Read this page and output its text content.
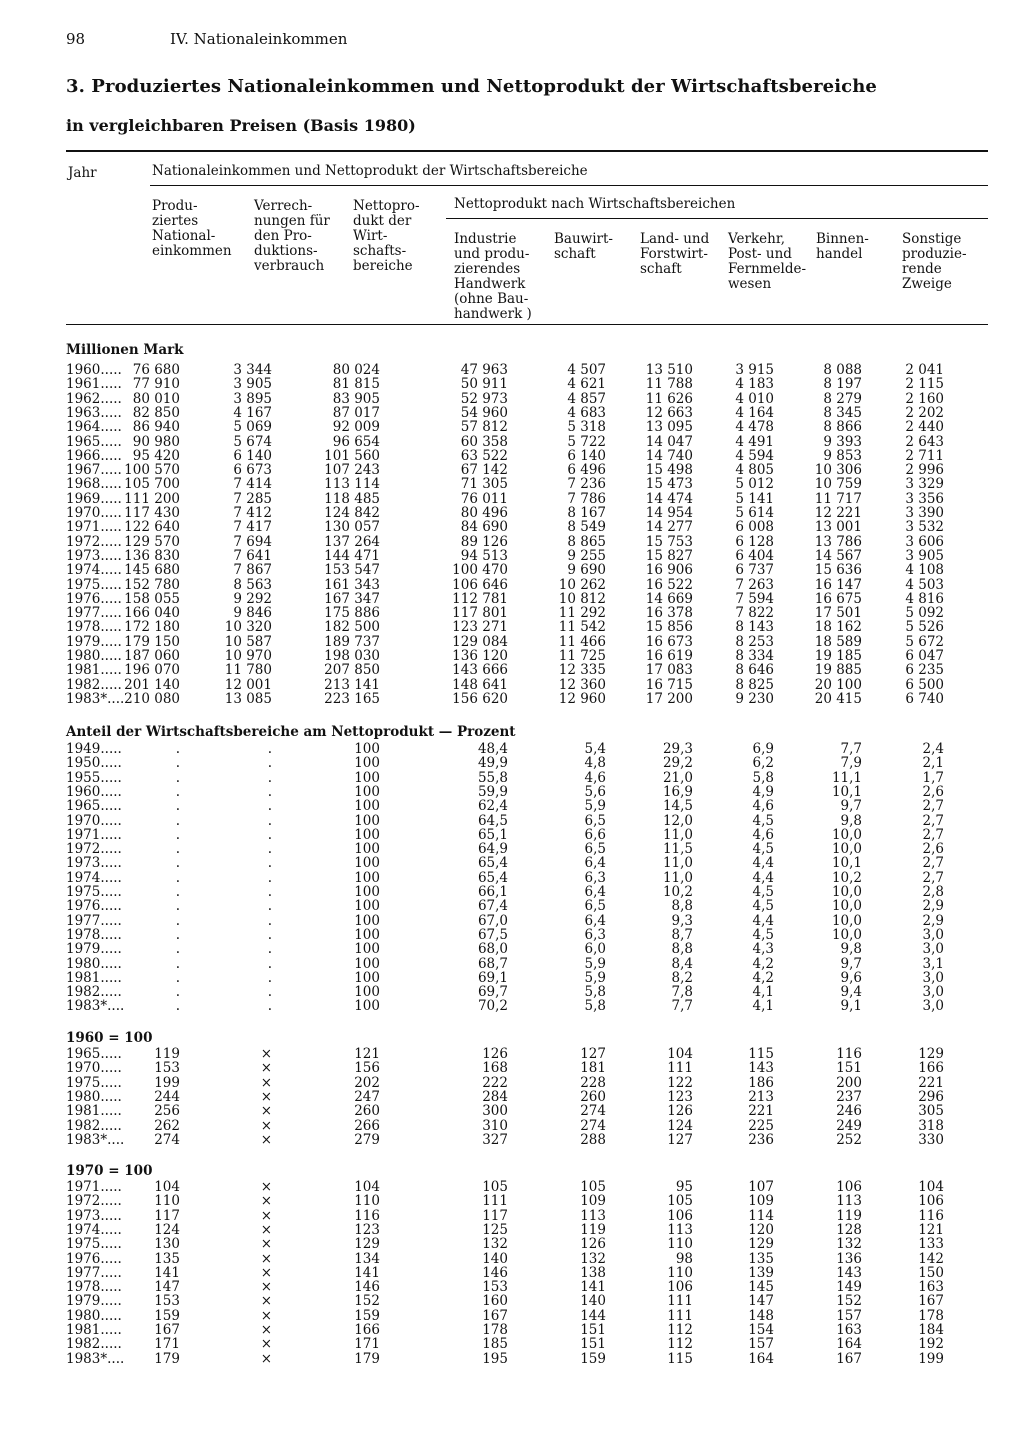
98	IV. Nationaleinkommen
3. Produziertes Nationaleinkommen und Nettoprodukt der Wirtschaftsbereiche
in vergleichbaren Preisen (Basis 1980)
Jahr	Nationaleinkommen und Nettoprodukt der Wirtschaftsbereiche
Nettoprodukt nach Wirtschaftsbereichen
Produ-
ziertes
National-
einkommen
Verrech-
nungen für
den Pro-
duktions-
verbrauch
Nettopro-
dukt der
Wirt-
schafts-
bereiche
Industrie
und produ-
zierendes
Handwerk
(ohne Bau-
handwerk )
Bauwirt-
schaft
Land- und
Forstwirt-
schaft
Verkehr,
Post- und
Fernmelde-
wesen
Binnen-
handel
Sonstige
produzie-
rende
Zweige
Millionen Mark
1960..... 76 680	3 344	80 024	47 963	4 507	13 510	3 915	8 088	2 041
1961..... 77 910	3 905	81 815	50 911	4 621	11 788	4 183	8 197	2 115
1962..... 80 010	3 895	83 905	52 973	4 857	11 626	4 010	8 279	2 160
1963..... 82 850	4 167	87 017	54 960	4 683	12 663	4 164	8 345	2 202
1964..... 86 940	5 069	92 009	57 812	5 318	13 095	4 478	8 866	2 440
1965..... 90 980	5 674	96 654	60 358	5 722	14 047	4 491	9 393	2 643
1966..... 95 420	6 140	101 560	63 522	6 140	14 740	4 594	9 853	2 711
1967..... 100 570	6 673	107 243	67 142	6 496	15 498	4 805	10 306	2 996
1968..... 105 700	7 414	113 114	71 305	7 236	15 473	5 012	10 759	3 329
1969..... 111 200	7 285	118 485	76 011	7 786	14 474	5 141	11 717	3 356
1970..... 117 430	7 412	124 842	80 496	8 167	14 954	5 614	12 221	3 390
1971..... 122 640	7 417	130 057	84 690	8 549	14 277	6 008	13 001	3 532
1972..... 129 570	7 694	137 264	89 126	8 865	15 753	6 128	13 786	3 606
1973..... 136 830	7 641	144 471	94 513	9 255	15 827	6 404	14 567	3 905
1974..... 145 680	7 867	153 547	100 470	9 690	16 906	6 737	15 636	4 108
1975..... 152 780	8 563	161 343	106 646	10 262	16 522	7 263	16 147	4 503
1976..... 158 055	9 292	167 347	112 781	10 812	14 669	7 594	16 675	4 816
1977..... 166 040	9 846	175 886	117 801	11 292	16 378	7 822	17 501	5 092
1978..... 172 180	10 320	182 500	123 271	11 542	15 856	8 143	18 162	5 526
1979..... 179 150	10 587	189 737	129 084	11 466	16 673	8 253	18 589	5 672
1980..... 187 060	10 970	198 030	136 120	11 725	16 619	8 334	19 185	6 047
1981..... 196 070	11 780	207 850	143 666	12 335	17 083	8 646	19 885	6 235
1982..... 201 140	12 001	213 141	148 641	12 360	16 715	8 825	20 100	6 500
1983*.... 210 080	13 085	223 165	156 620	12 960	17 200	9 230	20 415	6 740
Anteil der Wirtschaftsbereiche am Nettoprodukt — Prozent
1949.....	.	.	100	48,4	5,4	29,3	6,9	7,7	2,4
1950.....	.	.	100	49,9	4,8	29,2	6,2	7,9	2,1
1955.....	.	.	100	55,8	4,6	21,0	5,8	11,1	1,7
1960.....	.	.	100	59,9	5,6	16,9	4,9	10,1	2,6
1965.....	.	.	100	62,4	5,9	14,5	4,6	9,7	2,7
1970.....	.	.	100	64,5	6,5	12,0	4,5	9,8	2,7
1971.....	.	.	100	65,1	6,6	11,0	4,6	10,0	2,7
1972.....	.	.	100	64,9	6,5	11,5	4,5	10,0	2,6
1973.....	.	.	100	65,4	6,4	11,0	4,4	10,1	2,7
1974.....	.	.	100	65,4	6,3	11,0	4,4	10,2	2,7
1975.....	.	.	100	66,1	6,4	10,2	4,5	10,0	2,8
1976.....	.	.	100	67,4	6,5	8,8	4,5	10,0	2,9
1977.....	.	.	100	67,0	6,4	9,3	4,4	10,0	2,9
1978.....	.	.	100	67,5	6,3	8,7	4,5	10,0	3,0
1979.....	.	.	100	68,0	6,0	8,8	4,3	9,8	3,0
1980.....	.	.	100	68,7	5,9	8,4	4,2	9,7	3,1
1981.....	.	.	100	69,1	5,9	8,2	4,2	9,6	3,0
1982.....	.	.	100	69,7	5,8	7,8	4,1	9,4	3,0
1983*....	.	.	100	70,2	5,8	7,7	4,1	9,1	3,0
1960 = 100
1965..... 119	×	121	126	127	104	115	116	129
1970..... 153	×	156	168	181	111	143	151	166
1975..... 199	×	202	222	228	122	186	200	221
1980..... 244	×	247	284	260	123	213	237	296
1981..... 256	×	260	300	274	126	221	246	305
1982..... 262	×	266	310	274	124	225	249	318
1983*.... 274	×	279	327	288	127	236	252	330
1970 = 100
1971..... 104	×	104	105	105	95	107	106	104
1972..... 110	×	110	111	109	105	109	113	106
1973..... 117	×	116	117	113	106	114	119	116
1974..... 124	×	123	125	119	113	120	128	121
1975..... 130	×	129	132	126	110	129	132	133
1976..... 135	×	134	140	132	98	135	136	142
1977..... 141	×	141	146	138	110	139	143	150
1978..... 147	×	146	153	141	106	145	149	163
1979..... 153	×	152	160	140	111	147	152	167
1980..... 159	×	159	167	144	111	148	157	178
1981..... 167	×	166	178	151	112	154	163	184
1982..... 171	×	171	185	151	112	157	164	192
1983*.... 179	×	179	195	159	115	164	167	199
